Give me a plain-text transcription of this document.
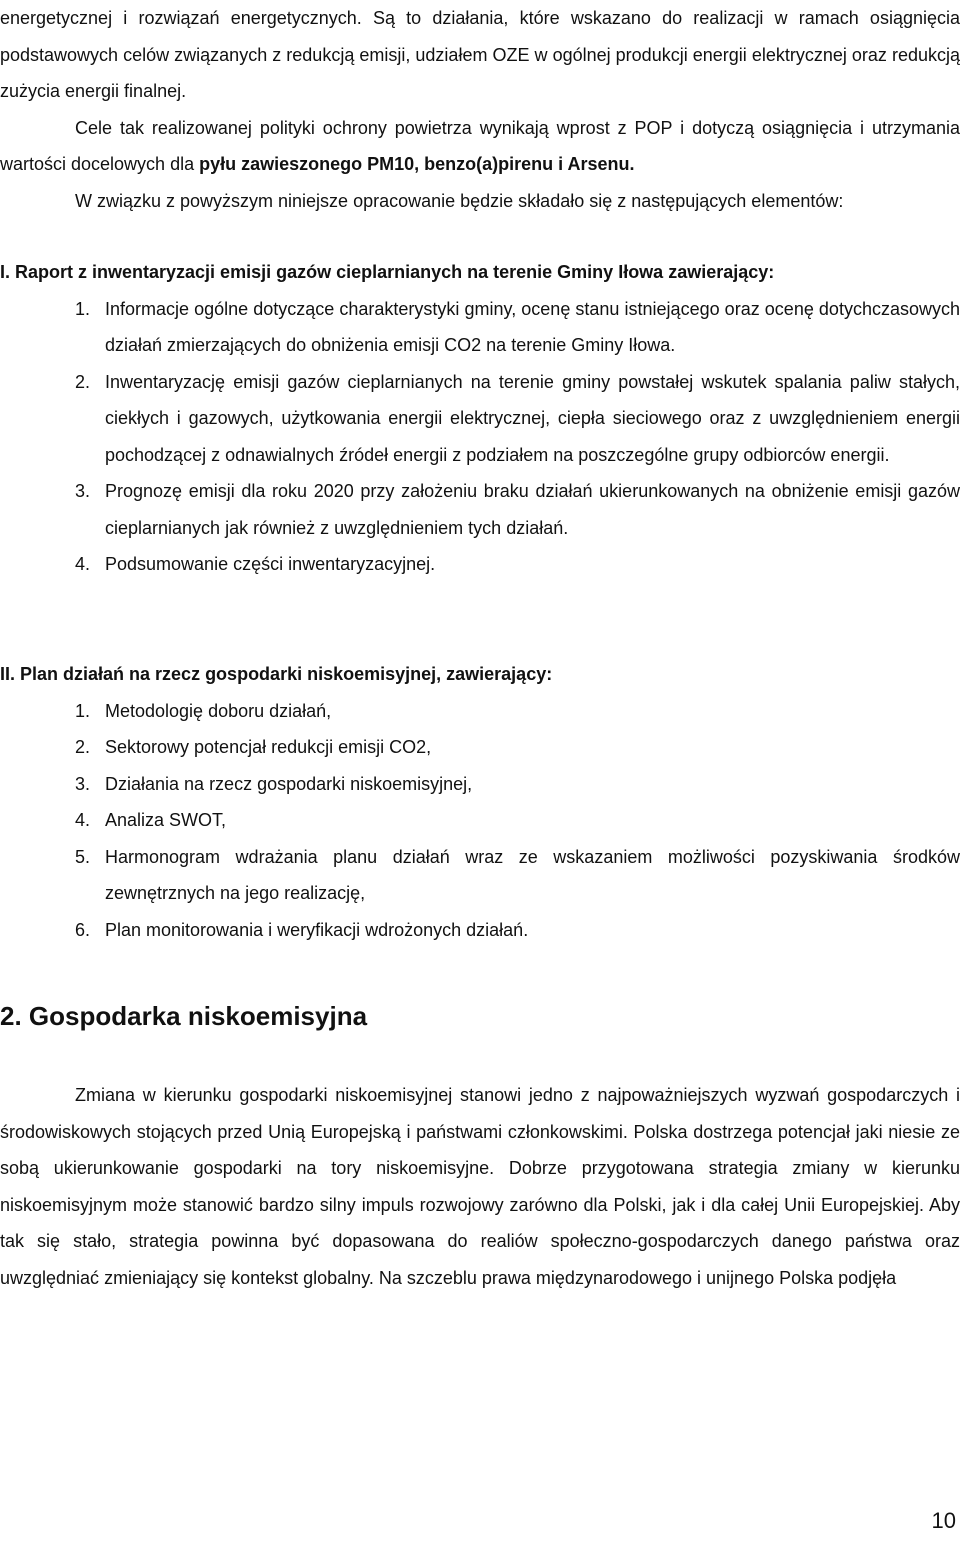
energetycznej i rozwiązań energetycznych. Są to działania, które wskazano do realizacji w ramach osiągnięcia podstawowych celów związanych z redukcją emisji, udziałem OZE w ogólnej produkcji energii elektrycznej oraz redukcją zużycia energii finalnej.

Cele tak realizowanej polityki ochrony powietrza wynikają wprost z POP i dotyczą osiągnięcia i utrzymania wartości docelowych dla pyłu zawieszonego PM10, benzo(a)pirenu i Arsenu.

W związku z powyższym niniejsze opracowanie będzie składało się z następujących elementów:

I. Raport z inwentaryzacji emisji gazów cieplarnianych na terenie Gminy Iłowa zawierający:

1. Informacje ogólne dotyczące charakterystyki gminy, ocenę stanu istniejącego oraz ocenę dotychczasowych działań zmierzających do obniżenia emisji CO2 na terenie Gminy Iłowa.
2. Inwentaryzację emisji gazów cieplarnianych na terenie gminy powstałej wskutek spalania paliw stałych, ciekłych i gazowych, użytkowania energii elektrycznej, ciepła sieciowego oraz z uwzględnieniem energii pochodzącej z odnawialnych źródeł energii z podziałem na poszczególne grupy odbiorców energii.
3. Prognozę emisji dla roku 2020 przy założeniu braku działań ukierunkowanych na obniżenie emisji gazów cieplarnianych jak również z uwzględnieniem tych działań.
4. Podsumowanie części inwentaryzacyjnej.

II. Plan działań na rzecz gospodarki niskoemisyjnej, zawierający:

1. Metodologię doboru działań,
2. Sektorowy potencjał redukcji emisji CO2,
3. Działania na rzecz gospodarki niskoemisyjnej,
4. Analiza SWOT,
5. Harmonogram wdrażania planu działań wraz ze wskazaniem możliwości pozyskiwania środków zewnętrznych na jego realizację,
6. Plan monitorowania i weryfikacji wdrożonych działań.
2. Gospodarka niskoemisyjna

Zmiana w kierunku gospodarki niskoemisyjnej stanowi jedno z najpoważniejszych wyzwań gospodarczych i środowiskowych stojących przed Unią Europejską i państwami członkowskimi. Polska dostrzega potencjał jaki niesie ze sobą ukierunkowanie gospodarki na tory niskoemisyjne. Dobrze przygotowana strategia zmiany w kierunku niskoemisyjnym może stanowić bardzo silny impuls rozwojowy zarówno dla Polski, jak i dla całej Unii Europejskiej. Aby tak się stało, strategia powinna być dopasowana do realiów społeczno-gospodarczych danego państwa oraz uwzględniać zmieniający się kontekst globalny. Na szczeblu prawa międzynarodowego i unijnego Polska podjęła

10
